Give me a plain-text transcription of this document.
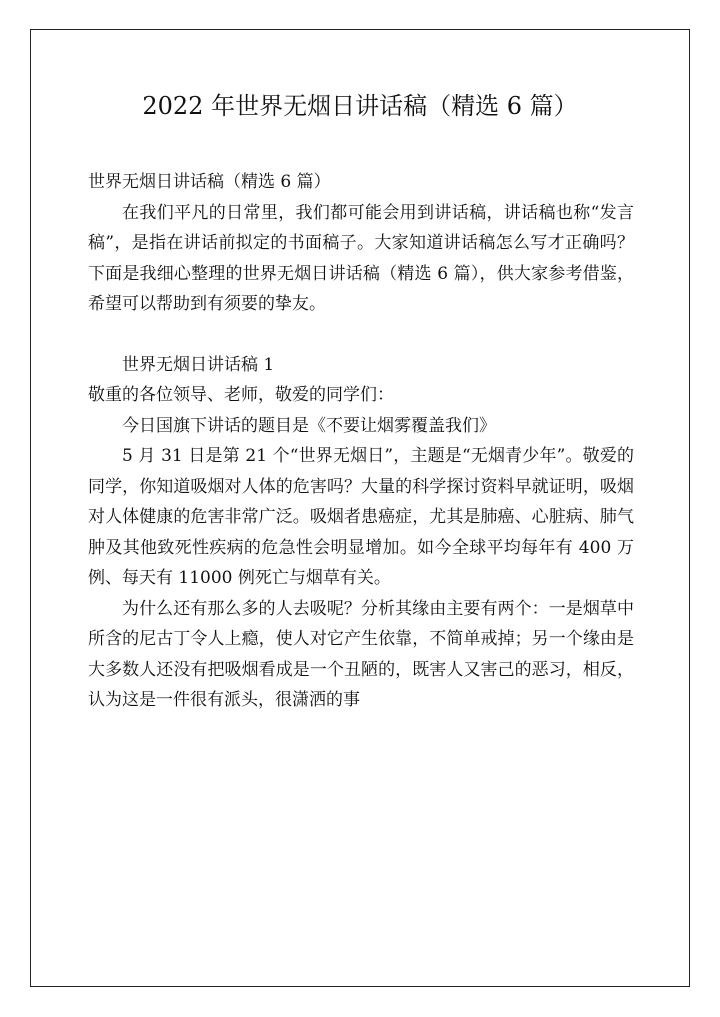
2022 年世界无烟日讲话稿（精选 6 篇）

世界无烟日讲话稿（精选 6 篇）

在我们平凡的日常里，我们都可能会用到讲话稿，讲话稿也称“发言稿”，是指在讲话前拟定的书面稿子。大家知道讲话稿怎么写才正确吗？下面是我细心整理的世界无烟日讲话稿（精选 6 篇），供大家参考借鉴，希望可以帮助到有须要的挚友。

世界无烟日讲话稿 1

敬重的各位领导、老师，敬爱的同学们：

今日国旗下讲话的题目是《不要让烟雾覆盖我们》

5 月 31 日是第 21 个“世界无烟日”，主题是“无烟青少年”。敬爱的同学，你知道吸烟对人体的危害吗？大量的科学探讨资料早就证明，吸烟对人体健康的危害非常广泛。吸烟者患癌症，尤其是肺癌、心脏病、肺气肿及其他致死性疾病的危急性会明显增加。如今全球平均每年有 400 万例、每天有 11000 例死亡与烟草有关。

为什么还有那么多的人去吸呢？分析其缘由主要有两个：一是烟草中所含的尼古丁令人上瘾，使人对它产生依靠，不简单戒掉；另一个缘由是大多数人还没有把吸烟看成是一个丑陋的，既害人又害己的恶习，相反，认为这是一件很有派头，很潇洒的事
